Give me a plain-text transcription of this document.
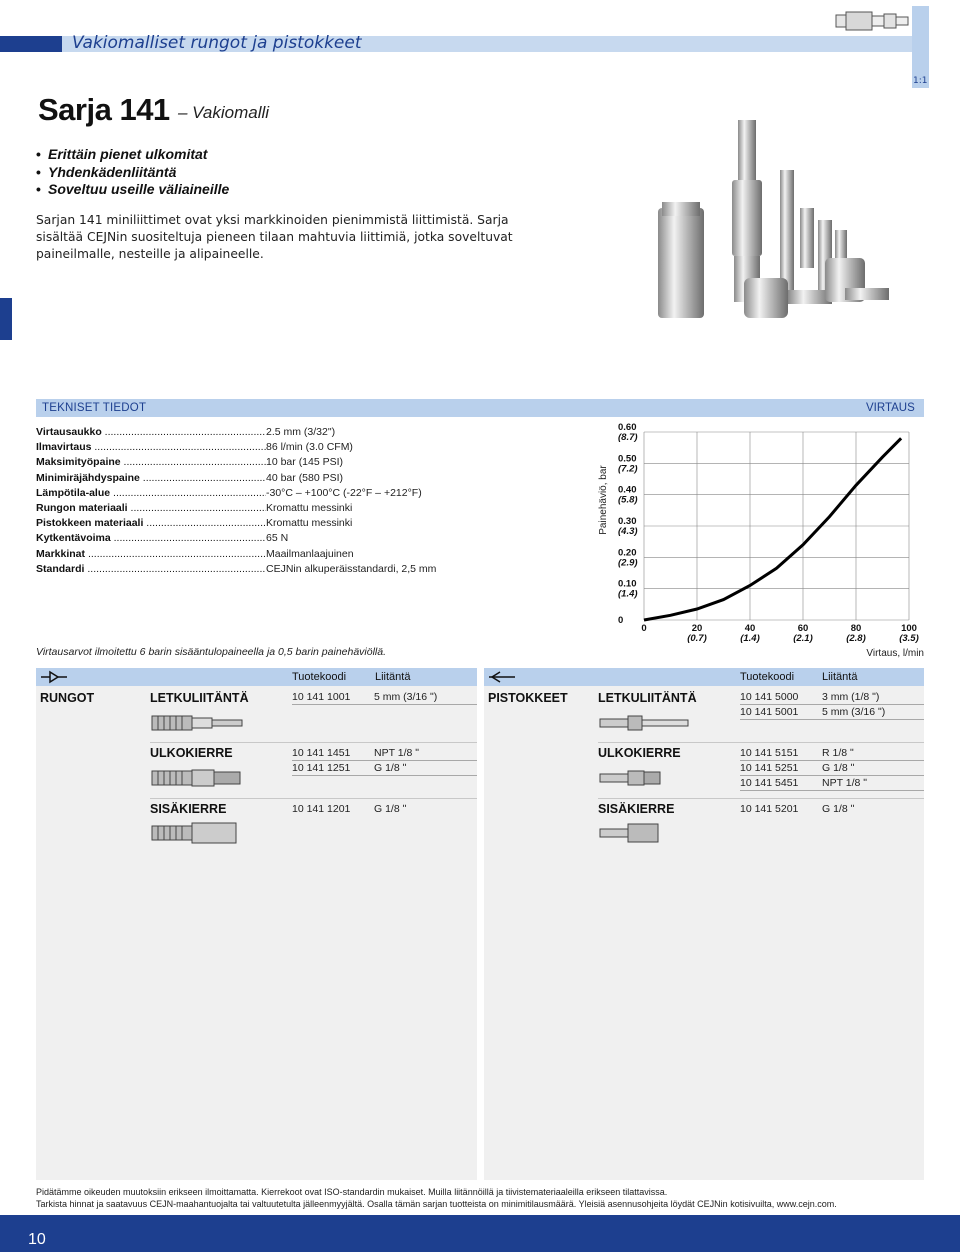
Vakiomalliset rungot ja pistokkeet
1:1
Sarja 141 – Vakiomalli
• Erittäin pienet ulkomitat
• Yhdenkädenliitäntä
• Soveltuu useille väliaineille
Sarjan 141 miniliittimet ovat yksi markkinoiden pienimmistä liittimistä. Sarja sisältää CEJNin suositeltuja pieneen tilaan mahtuvia liittimiä, jotka soveltuvat paineilmalle, nesteille ja alipaineelle.
TEKNISET TIEDOT	VIRTAUS
Virtausaukko .....	2.5 mm (3/32")
Ilmavirtaus .....	86 l/min (3.0 CFM)
Maksimityöpaine .....	10 bar (145 PSI)
Minimiräjähdyspaine .....	40 bar (580 PSI)
Lämpötila-alue .....	-30°C – +100°C (-22°F – +212°F)
Rungon materiaali .....	Kromattu messinki
Pistokkeen materiaali .....	Kromattu messinki
Kytkentävoima .....	65 N
Markkinat .....	Maailmanlaajuinen
Standardi .....	CEJNin alkuperäisstandardi, 2,5 mm
Virtausarvot ilmoitettu 6 barin sisääntulopaineella ja 0,5 barin painehäviöllä.
0	20
(0.7)
40
(1.4)
60
(2.1)
80
(2.8)
100
(3.5)
0
0.10
(1.4)
0.20
(2.9)
0.30
(4.3)
0.40
(5.8)
0.50
(7.2)
0.60
(8.7)
Painehäviö, bar
Virtaus, l/min
Tuotekoodi	Liitäntä
RUNGOT	LETKULIITÄNTÄ	10 141 1001	5 mm (3/16 ʺ)
ULKOKIERRE	10 141 1451	NPT 1/8 ʺ
10 141 1251	G 1/8 ʺ
SISÄKIERRE	10 141 1201	G 1/8 ʺ
Tuotekoodi	Liitäntä
PISTOKKEET LETKULIITÄNTÄ	10 141 5000	3 mm (1/8 ʺ)
10 141 5001	5 mm (3/16 ʺ)
ULKOKIERRE	10 141 5151	R 1/8 ʺ
10 141 5251	G 1/8 ʺ
10 141 5451	NPT 1/8 ʺ
SISÄKIERRE	10 141 5201	G 1/8 ʺ
Pidätämme oikeuden muutoksiin erikseen ilmoittamatta. Kierrekoot ovat ISO-standardin mukaiset. Muilla liitännöillä ja tiivistemateriaaleilla erikseen tilattavissa.
Tarkista hinnat ja saatavuus CEJN-maahantuojalta tai valtuutetulta jälleenmyyjältä. Osalla tämän sarjan tuotteista on minimitilausmäärä. Yleisiä asennusohjeita löydät CEJNin kotisivuilta, www.cejn.com.
10
